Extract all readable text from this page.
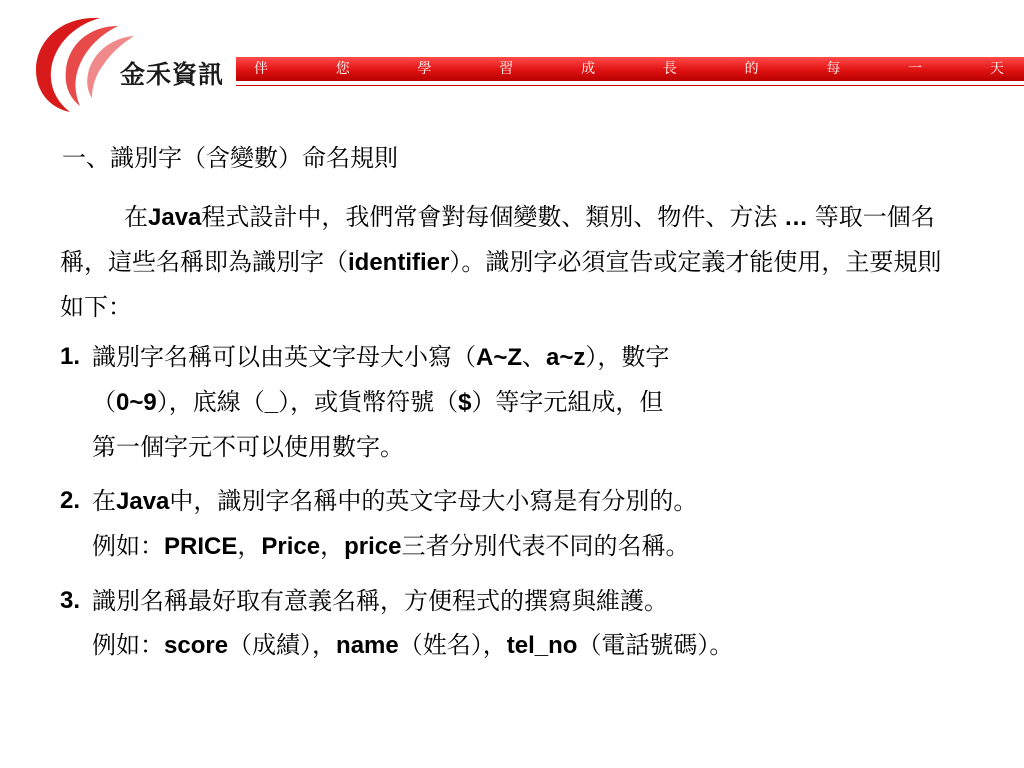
金禾資訊 伴	您	學	習	成	長	的	每	一	天
一、識別字（含變數）命名規則

在Java程式設計中，我們常會對每個變數、類別、物件、方法 … 等取一個名稱，這些名稱即為識別字（identifier）。識別字必須宣告或定義才能使用，主要規則如下：

1. 識別字名稱可以由英文字母大小寫（A~Z、a~z），數字
（0~9），底線（_），或貨幣符號（$）等字元組成，但
第一個字元不可以使用數字。
2. 在Java中，識別字名稱中的英文字母大小寫是有分別的。
例如：PRICE，Price，price三者分別代表不同的名稱。
3. 識別名稱最好取有意義名稱，方便程式的撰寫與維護。
例如：score（成績），name（姓名），tel_no（電話號碼）。
